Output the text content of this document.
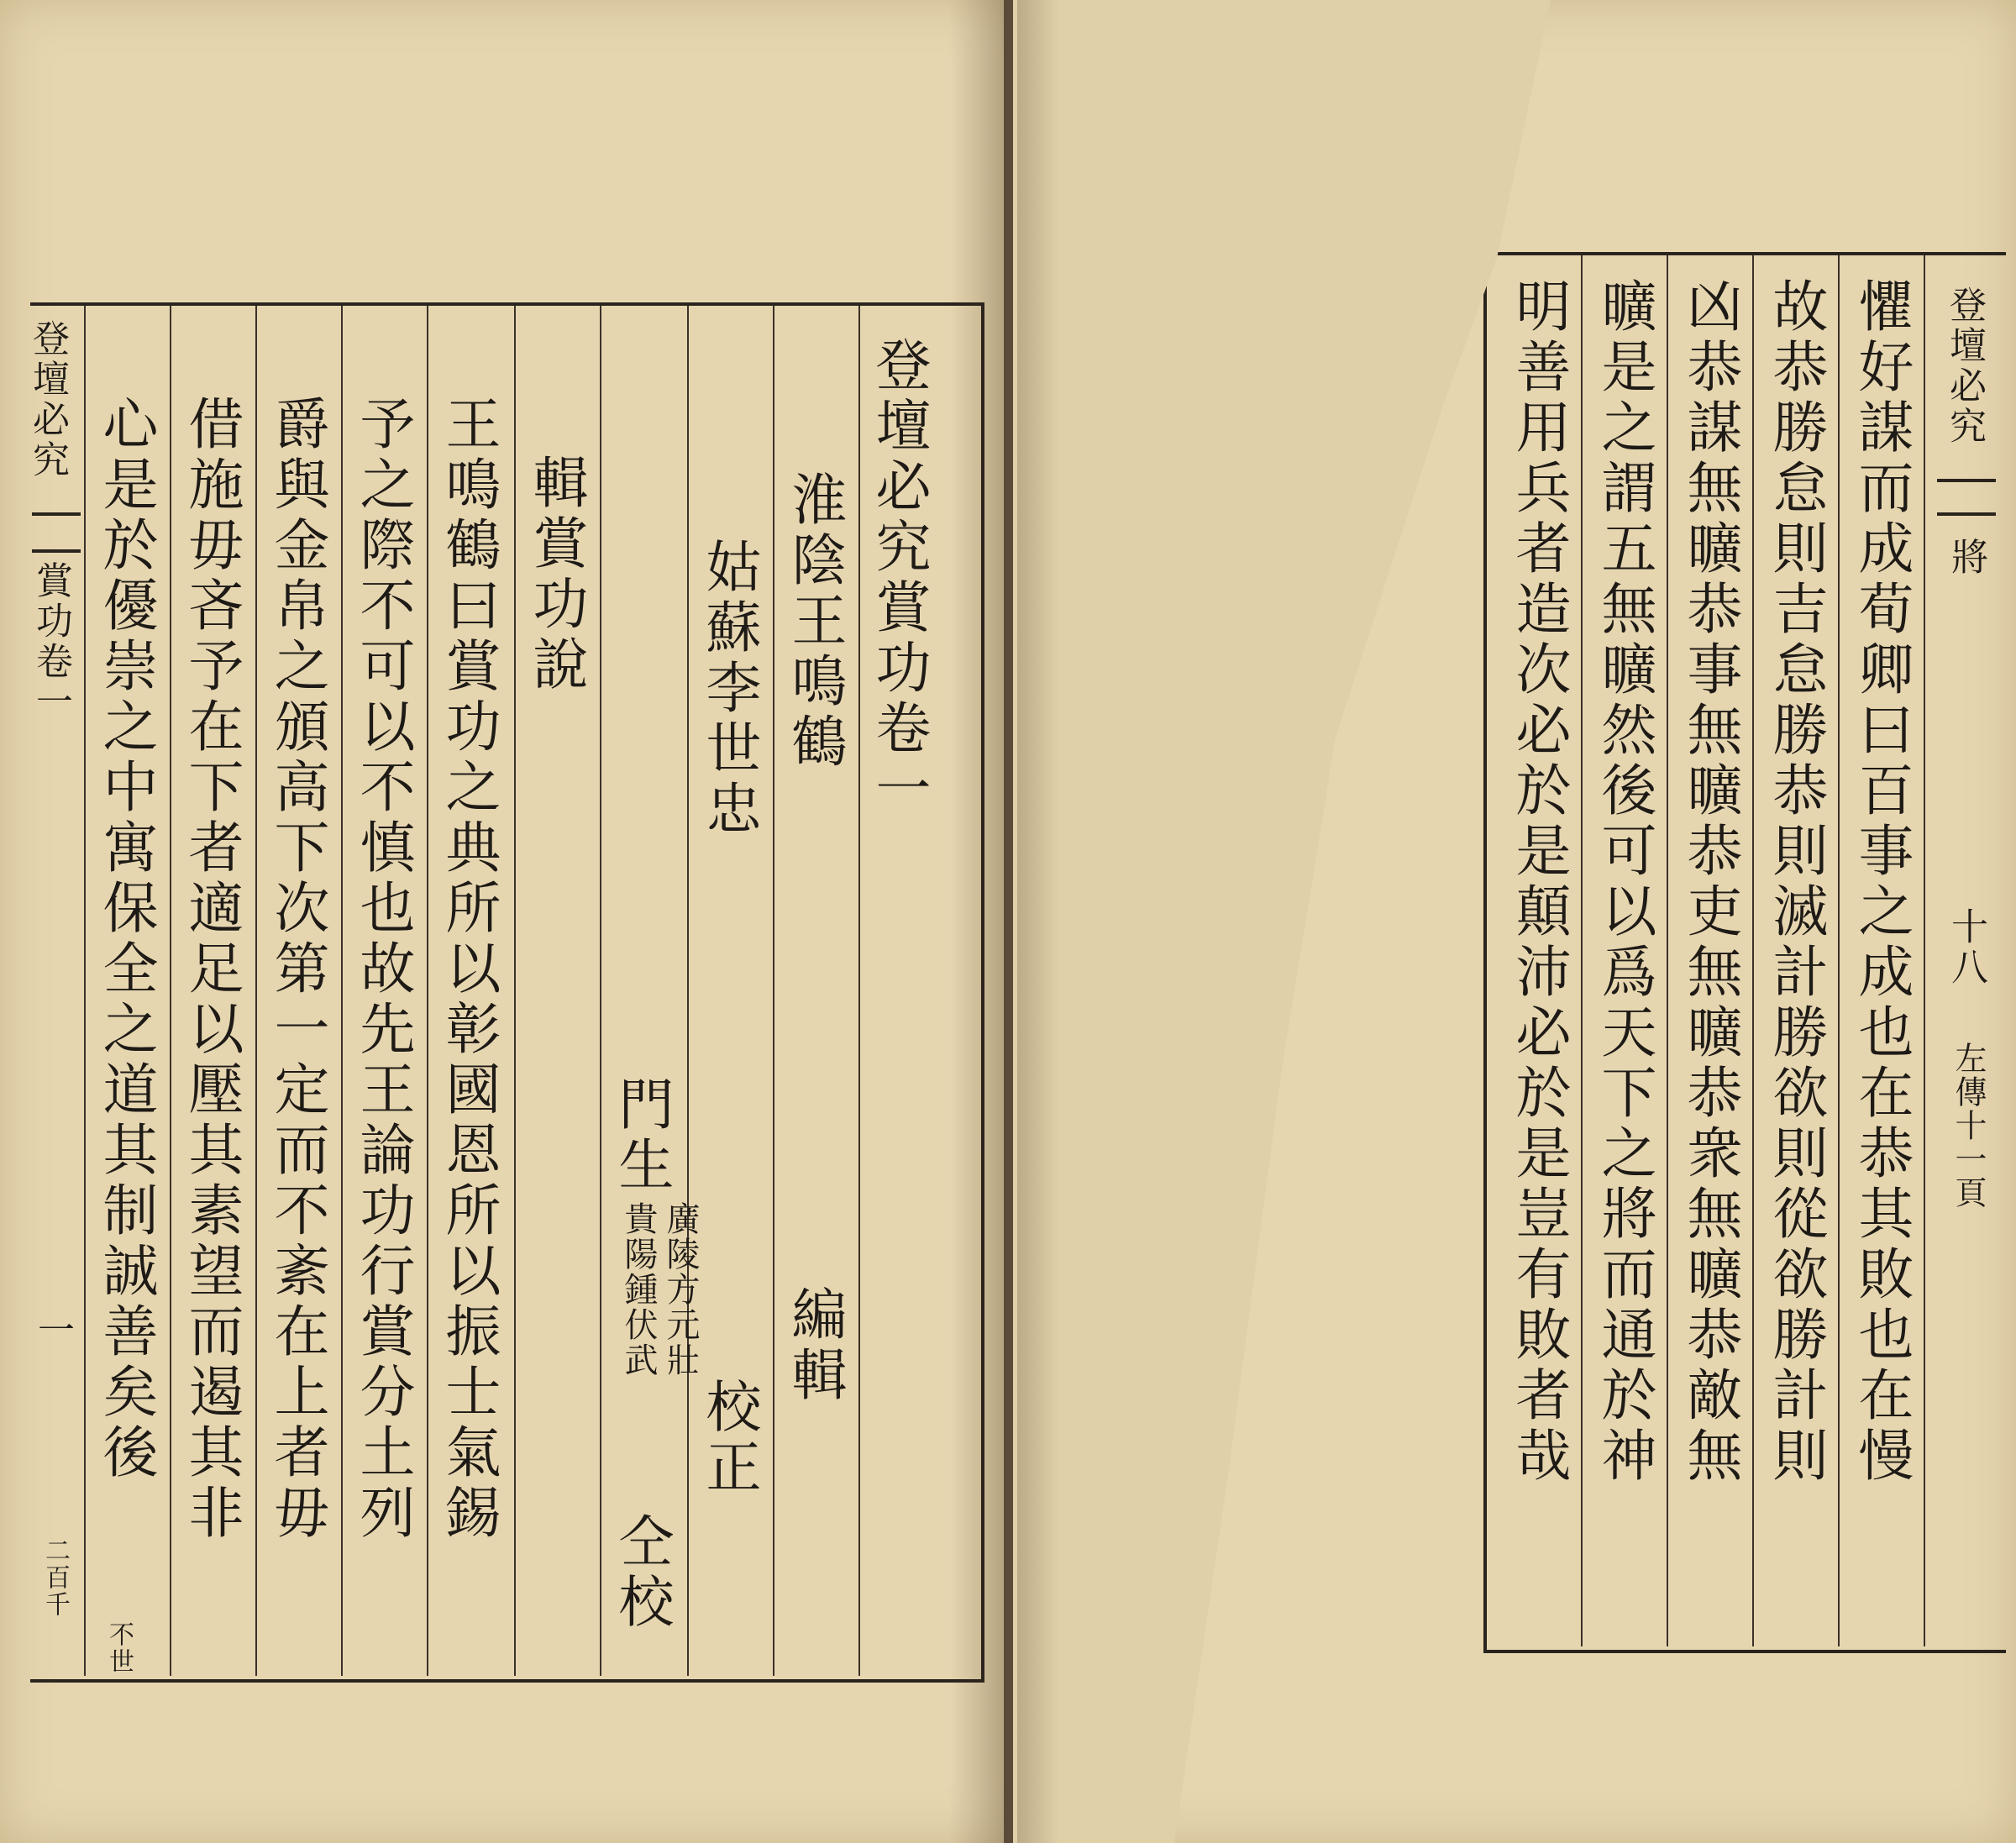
登壇必究
賞功卷一
一
二百千
登壇必究賞功卷一
淮陰王鳴鶴
編輯
姑蘇李世忠
校正
門生
廣陵方元壯
貴陽鍾伏武
仝校
輯賞功說
王鳴鶴曰賞功之典所以彰國恩所以振士氣錫
予之際不可以不慎也故先王論功行賞分土列
爵與金帛之頒高下次第一定而不紊在上者毋
借施毋吝予在下者適足以壓其素望而遏其非
心是於優崇之中寓保全之道其制誠善矣後
不世
懼好謀而成荀卿曰百事之成也在恭其敗也在慢
故恭勝怠則吉怠勝恭則滅計勝欲則從欲勝計則
凶恭謀無曠恭事無曠恭吏無曠恭衆無曠恭敵無
曠是之謂五無曠然後可以爲天下之將而通於神
明善用兵者造次必於是顛沛必於是豈有敗者哉	登壇必究
將
十八
左傳十一頁
